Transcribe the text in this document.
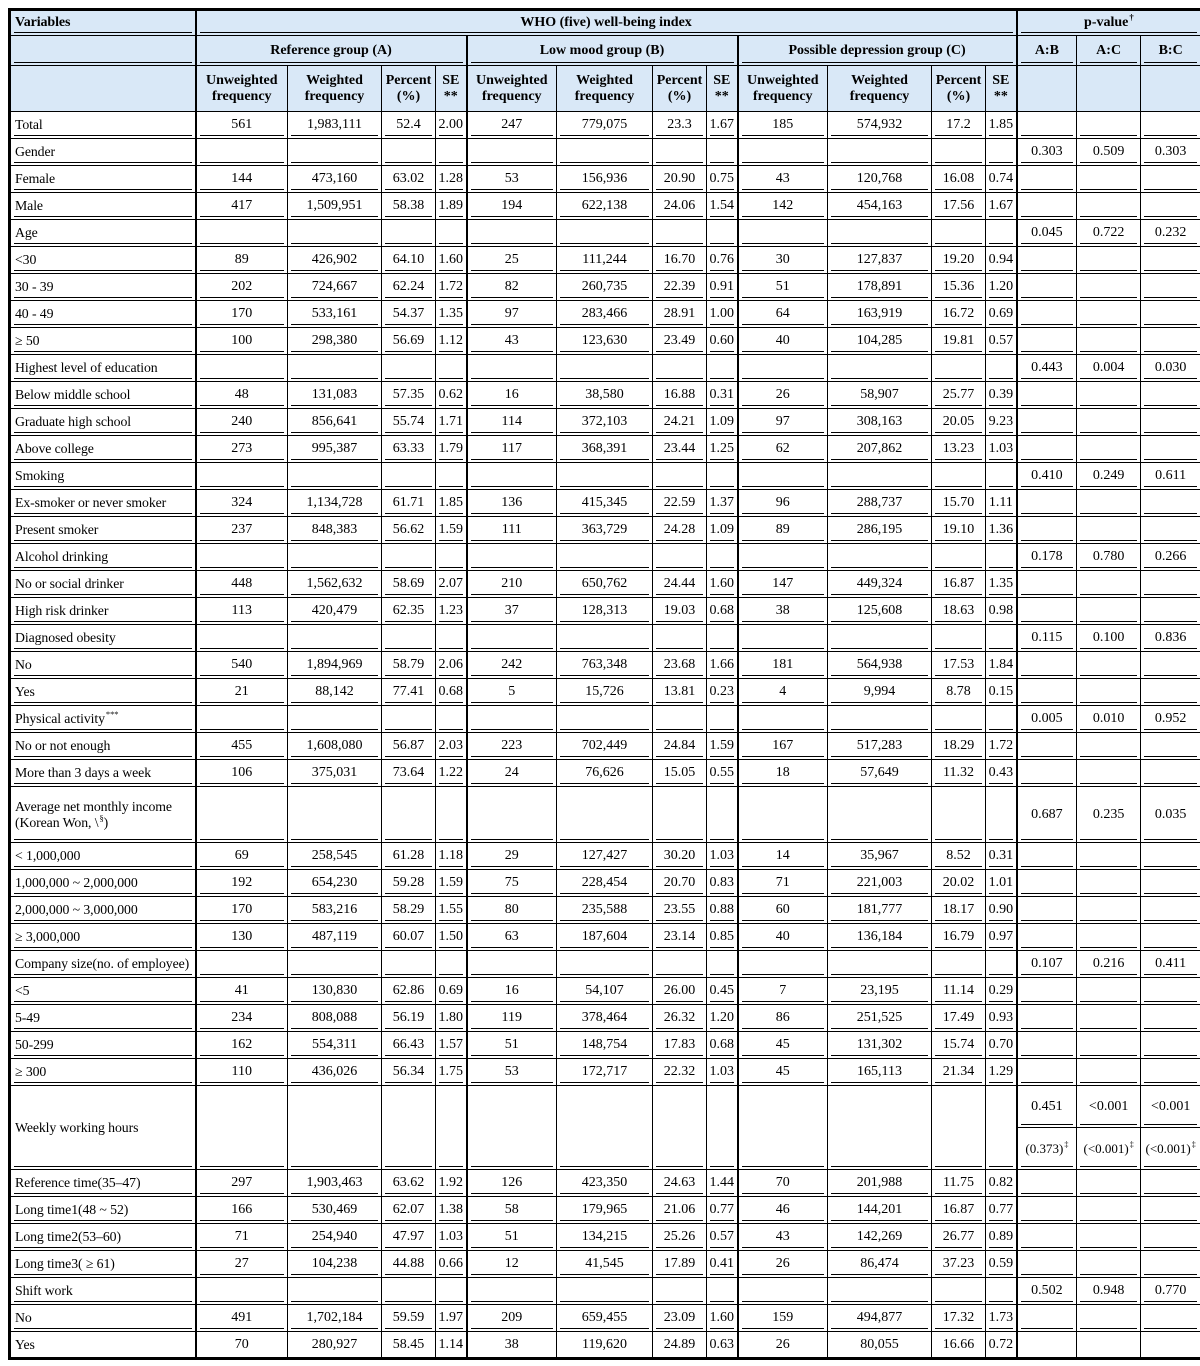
Variables	WHO (five) well-being index												p-value†
	Reference group (A)				Low mood group (B)				Possible depression group (C)				A:B	A:C	B:C
	Unweighted frequency	Weighted frequency	Percent (%)	SE **	Unweighted frequency	Weighted frequency	Percent (%)	SE **	Unweighted frequency	Weighted frequency	Percent (%)	SE **			
Total	561	1,983,111	52.4	2.00	247	779,075	23.3	1.67	185	574,932	17.2	1.85			
Gender													0.303	0.509	0.303
Female	144	473,160	63.02	1.28	53	156,936	20.90	0.75	43	120,768	16.08	0.74			
Male	417	1,509,951	58.38	1.89	194	622,138	24.06	1.54	142	454,163	17.56	1.67			
Age													0.045	0.722	0.232
<30	89	426,902	64.10	1.60	25	111,244	16.70	0.76	30	127,837	19.20	0.94			
30 - 39	202	724,667	62.24	1.72	82	260,735	22.39	0.91	51	178,891	15.36	1.20			
40 - 49	170	533,161	54.37	1.35	97	283,466	28.91	1.00	64	163,919	16.72	0.69			
≥ 50	100	298,380	56.69	1.12	43	123,630	23.49	0.60	40	104,285	19.81	0.57			
Highest level of education													0.443	0.004	0.030
Below middle school	48	131,083	57.35	0.62	16	38,580	16.88	0.31	26	58,907	25.77	0.39			
Graduate high school	240	856,641	55.74	1.71	114	372,103	24.21	1.09	97	308,163	20.05	9.23			
Above college	273	995,387	63.33	1.79	117	368,391	23.44	1.25	62	207,862	13.23	1.03			
Smoking													0.410	0.249	0.611
Ex-smoker or never smoker	324	1,134,728	61.71	1.85	136	415,345	22.59	1.37	96	288,737	15.70	1.11			
Present smoker	237	848,383	56.62	1.59	111	363,729	24.28	1.09	89	286,195	19.10	1.36			
Alcohol drinking													0.178	0.780	0.266
No or social drinker	448	1,562,632	58.69	2.07	210	650,762	24.44	1.60	147	449,324	16.87	1.35			
High risk drinker	113	420,479	62.35	1.23	37	128,313	19.03	0.68	38	125,608	18.63	0.98			
Diagnosed obesity													0.115	0.100	0.836
No	540	1,894,969	58.79	2.06	242	763,348	23.68	1.66	181	564,938	17.53	1.84			
Yes	21	88,142	77.41	0.68	5	15,726	13.81	0.23	4	9,994	8.78	0.15			
Physical activity***													0.005	0.010	0.952
No or not enough	455	1,608,080	56.87	2.03	223	702,449	24.84	1.59	167	517,283	18.29	1.72			
More than 3 days a week	106	375,031	73.64	1.22	24	76,626	15.05	0.55	18	57,649	11.32	0.43			

Average net monthly income
(Korean Won, \§)													0.687	0.235	0.035
< 1,000,000	69	258,545	61.28	1.18	29	127,427	30.20	1.03	14	35,967	8.52	0.31			
1,000,000 ~ 2,000,000	192	654,230	59.28	1.59	75	228,454	20.70	0.83	71	221,003	20.02	1.01			
2,000,000 ~ 3,000,000	170	583,216	58.29	1.55	80	235,588	23.55	0.88	60	181,777	18.17	0.90			
≥ 3,000,000	130	487,119	60.07	1.50	63	187,604	23.14	0.85	40	136,184	16.79	0.97			
Company size(no. of employee)													0.107	0.216	0.411
<5	41	130,830	62.86	0.69	16	54,107	26.00	0.45	7	23,195	11.14	0.29			
5-49	234	808,088	56.19	1.80	119	378,464	26.32	1.20	86	251,525	17.49	0.93			
50-299	162	554,311	66.43	1.57	51	148,754	17.83	0.68	45	131,302	15.74	0.70			
≥ 300	110	436,026	56.34	1.75	53	172,717	22.32	1.03	45	165,113	21.34	1.29			
Weekly working hours													0.451	<0.001	<0.001
													(0.373)‡	(<0.001)‡	(<0.001)‡
Reference time(35–47)	297	1,903,463	63.62	1.92	126	423,350	24.63	1.44	70	201,988	11.75	0.82			
Long time1(48 ~ 52)	166	530,469	62.07	1.38	58	179,965	21.06	0.77	46	144,201	16.87	0.77			
Long time2(53–60)	71	254,940	47.97	1.03	51	134,215	25.26	0.57	43	142,269	26.77	0.89			
Long time3( ≥ 61)	27	104,238	44.88	0.66	12	41,545	17.89	0.41	26	86,474	37.23	0.59			
Shift work													0.502	0.948	0.770
No	491	1,702,184	59.59	1.97	209	659,455	23.09	1.60	159	494,877	17.32	1.73			
Yes	70	280,927	58.45	1.14	38	119,620	24.89	0.63	26	80,055	16.66	0.72			
